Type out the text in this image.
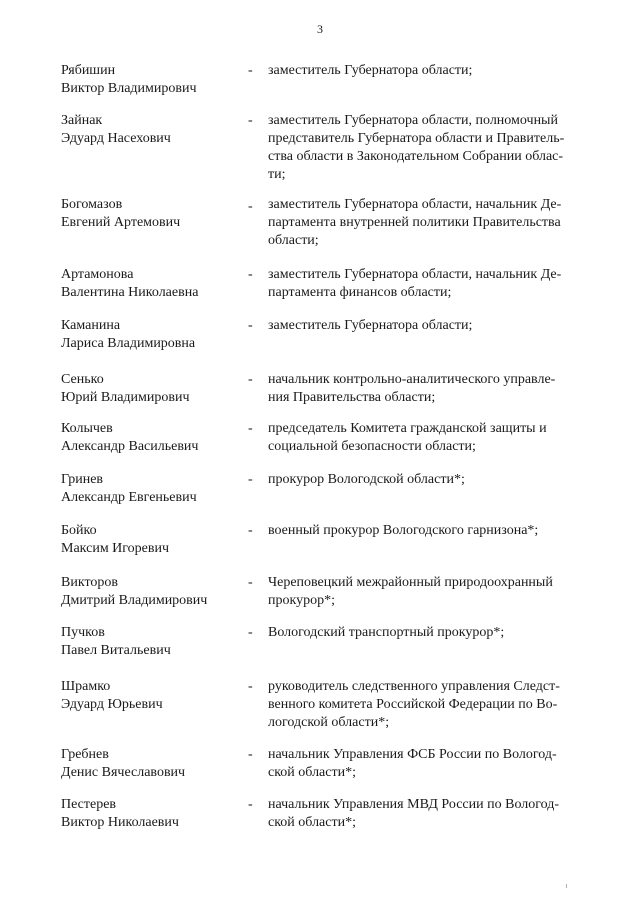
3
Рябишин
Виктор Владимирович
- заместитель Губернатора области;
Зайнак
Эдуард Насехович
- заместитель Губернатора области, полномочный
представитель Губернатора области и Правитель-
ства области в Законодательном Собрании облас-
ти;
Богомазов
Евгений Артемович
- заместитель Губернатора области, начальник Де-
партамента внутренней политики Правительства
области;
Артамонова
Валентина Николаевна
- заместитель Губернатора области, начальник Де-
партамента финансов области;
Каманина
Лариса Владимировна
- заместитель Губернатора области;
Сенько
Юрий Владимирович
- начальник контрольно-аналитического управле-
ния Правительства области;
Колычев
Александр Васильевич
- председатель Комитета гражданской защиты и
социальной безопасности области;
Гринев
Александр Евгеньевич
- прокурор Вологодской области*;
Бойко
Максим Игоревич
- военный прокурор Вологодского гарнизона*;
Викторов
Дмитрий Владимирович
- Череповецкий межрайонный природоохранный
прокурор*;
Пучков
Павел Витальевич
- Вологодский транспортный прокурор*;
Шрамко
Эдуард Юрьевич
- руководитель следственного управления Следст-
венного комитета Российской Федерации по Во-
логодской области*;
Гребнев
Денис Вячеславович
- начальник Управления ФСБ России по Вологод-
ской области*;
Пестерев
Виктор Николаевич
- начальник Управления МВД России по Вологод-
ской области*;
